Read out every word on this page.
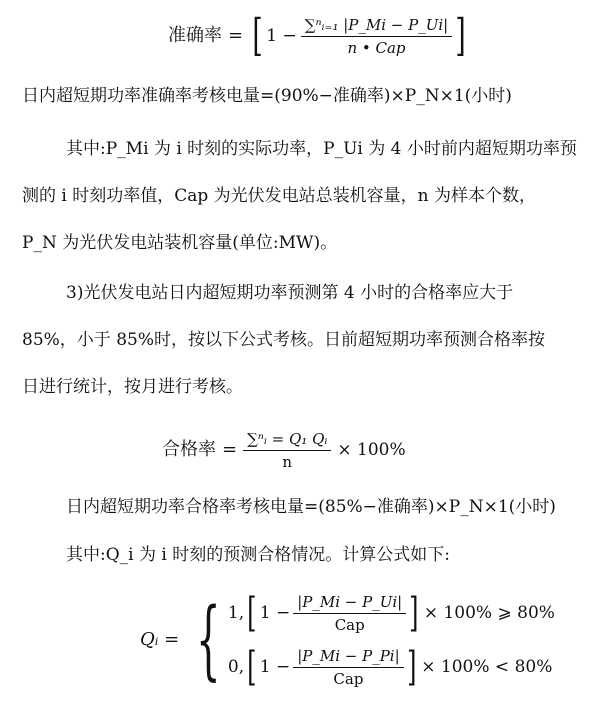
准确率 = [ $1 - \frac{\text{∑ⁿᵢ₌₁ |P\_Mi − P\_Ui|}}{\text{n • Cap}}$ ]
日内超短期功率准确率考核电量=(90%−准确率)×P_N×1(小时)
其中:P_Mi 为 i 时刻的实际功率，P_Ui 为 4 小时前内超短期功率预
测的 i 时刻功率值，Cap 为光伏发电站总装机容量，n 为样本个数，
P_N 为光伏发电站装机容量(单位:MW)。
3)光伏发电站日内超短期功率预测第 4 小时的合格率应大于
85%，小于 85%时，按以下公式考核。日前超短期功率预测合格率按
日进行统计，按月进行考核。
合格率 = $\frac{\text{∑ⁿᵢ = Q₁ Qᵢ}}{n} \times 100\%$
日内超短期功率合格率考核电量=(85%−准确率)×P_N×1(小时)
其中:Q_i 为 i 时刻的预测合格情况。计算公式如下:
Qᵢ = { 1, [ $1 - \frac{|P\_Mi - P\_Ui|}{\text{Cap}}$ ] × 100% ⩾ 80%
0, [ $1 - \frac{|P\_Mi - P\_Pi|}{\text{Cap}}$ ] × 100% < 80%
